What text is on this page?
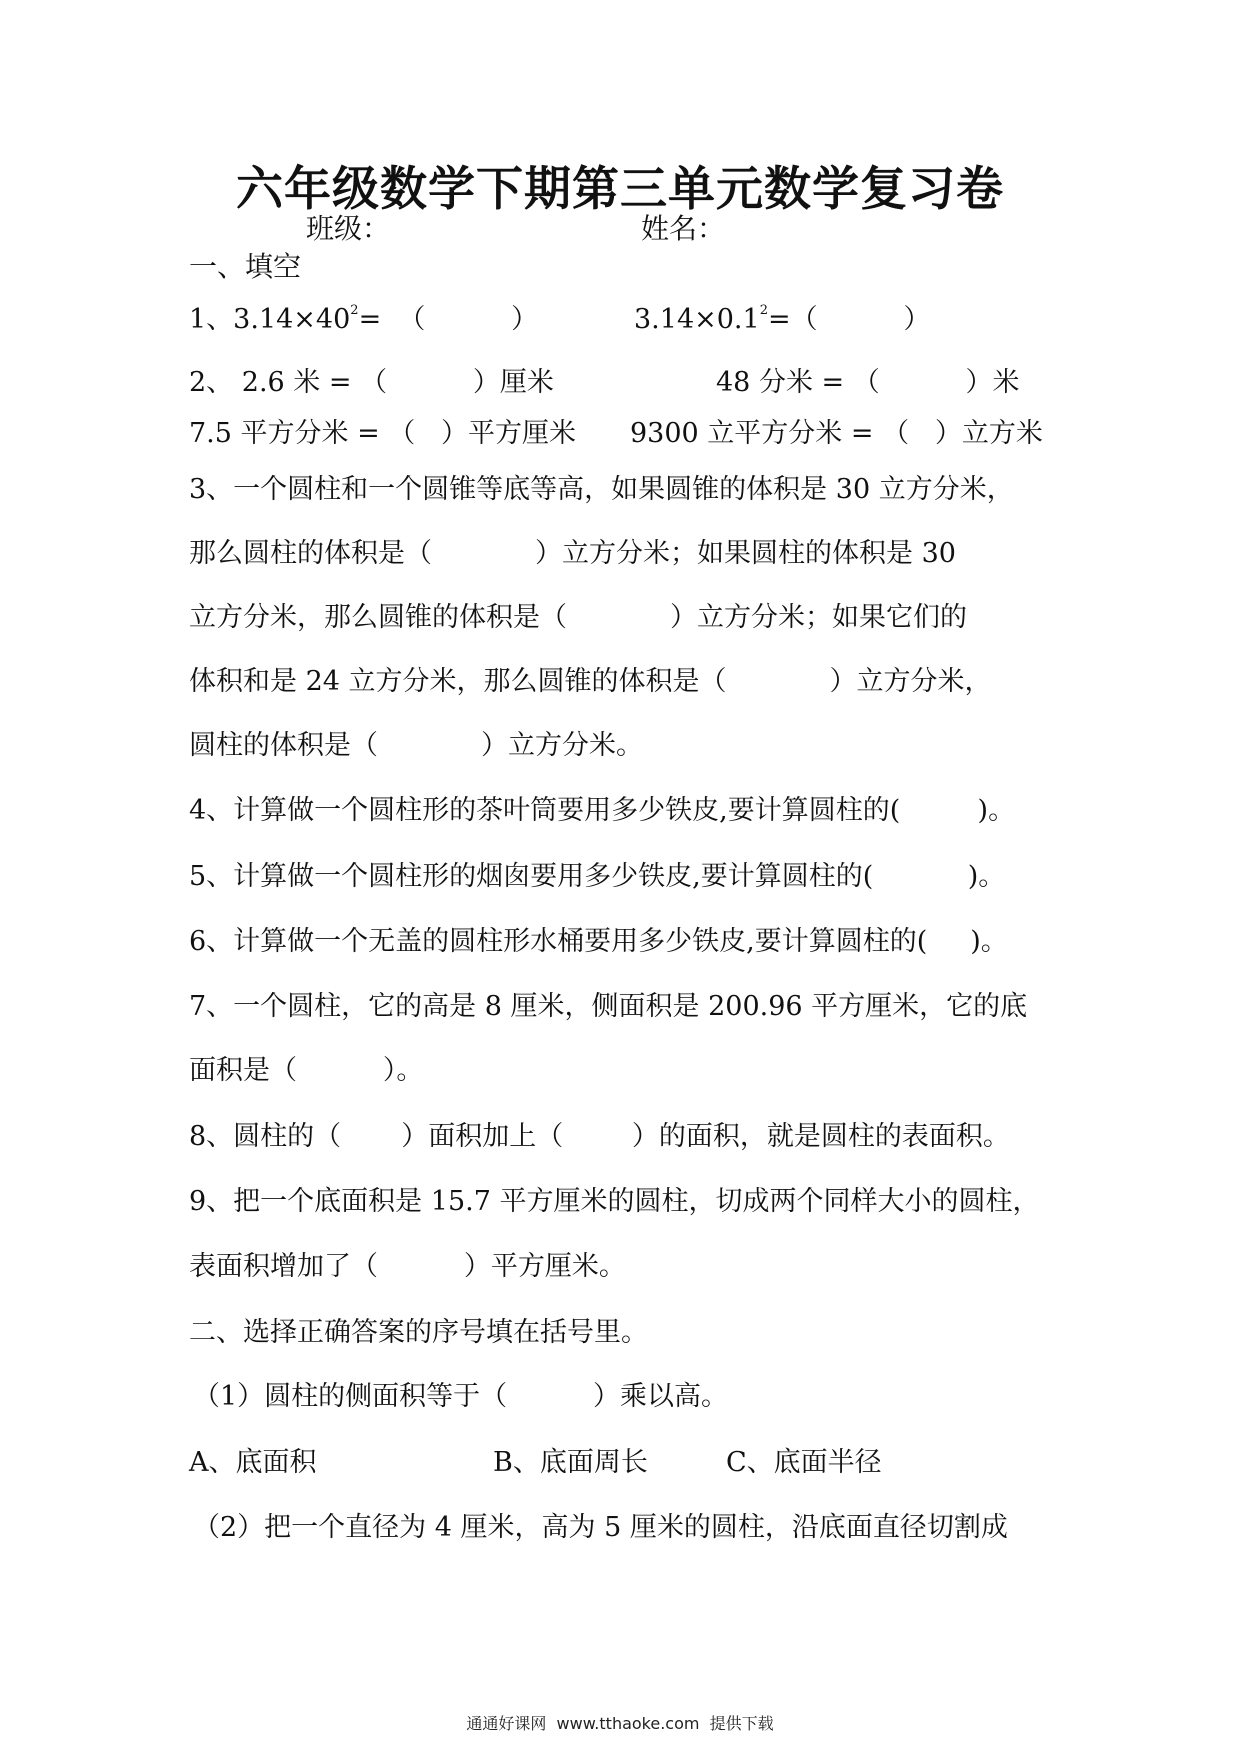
六年级数学下期第三单元数学复习卷
班级：	姓名：
一、填空
1、$3.14\times 40^2=$  （          ）	$3.14\times 0.1^2=$（          ）
2、 2.6 米 = （          ）厘米	48 分米 = （          ）米
7.5 平方分米 = （   ）平方厘米 9300 立平方分米 = （   ）立方米
3、一个圆柱和一个圆锥等底等高，如果圆锥的体积是 30 立方分米，
那么圆柱的体积是（            ）立方分米；如果圆柱的体积是 30
立方分米，那么圆锥的体积是（            ）立方分米；如果它们的
体积和是 24 立方分米，那么圆锥的体积是（            ）立方分米，
圆柱的体积是（            ）立方分米。
4、计算做一个圆柱形的茶叶筒要用多少铁皮,要计算圆柱的(         )。
5、计算做一个圆柱形的烟囱要用多少铁皮,要计算圆柱的(           )。
6、计算做一个无盖的圆柱形水桶要用多少铁皮,要计算圆柱的(     )。
7、一个圆柱，它的高是 8 厘米，侧面积是 200.96 平方厘米，它的底
面积是（          ）。
8、圆柱的（       ）面积加上（        ）的面积，就是圆柱的表面积。
9、把一个底面积是 15.7 平方厘米的圆柱，切成两个同样大小的圆柱，
表面积增加了（          ）平方厘米。
二、选择正确答案的序号填在括号里。
（1）圆柱的侧面积等于（          ）乘以高。
A、底面积	B、底面周长	C、底面半径
（2）把一个直径为 4 厘米，高为 5 厘米的圆柱，沿底面直径切割成
通通好课网  www.tthaoke.com  提供下载
